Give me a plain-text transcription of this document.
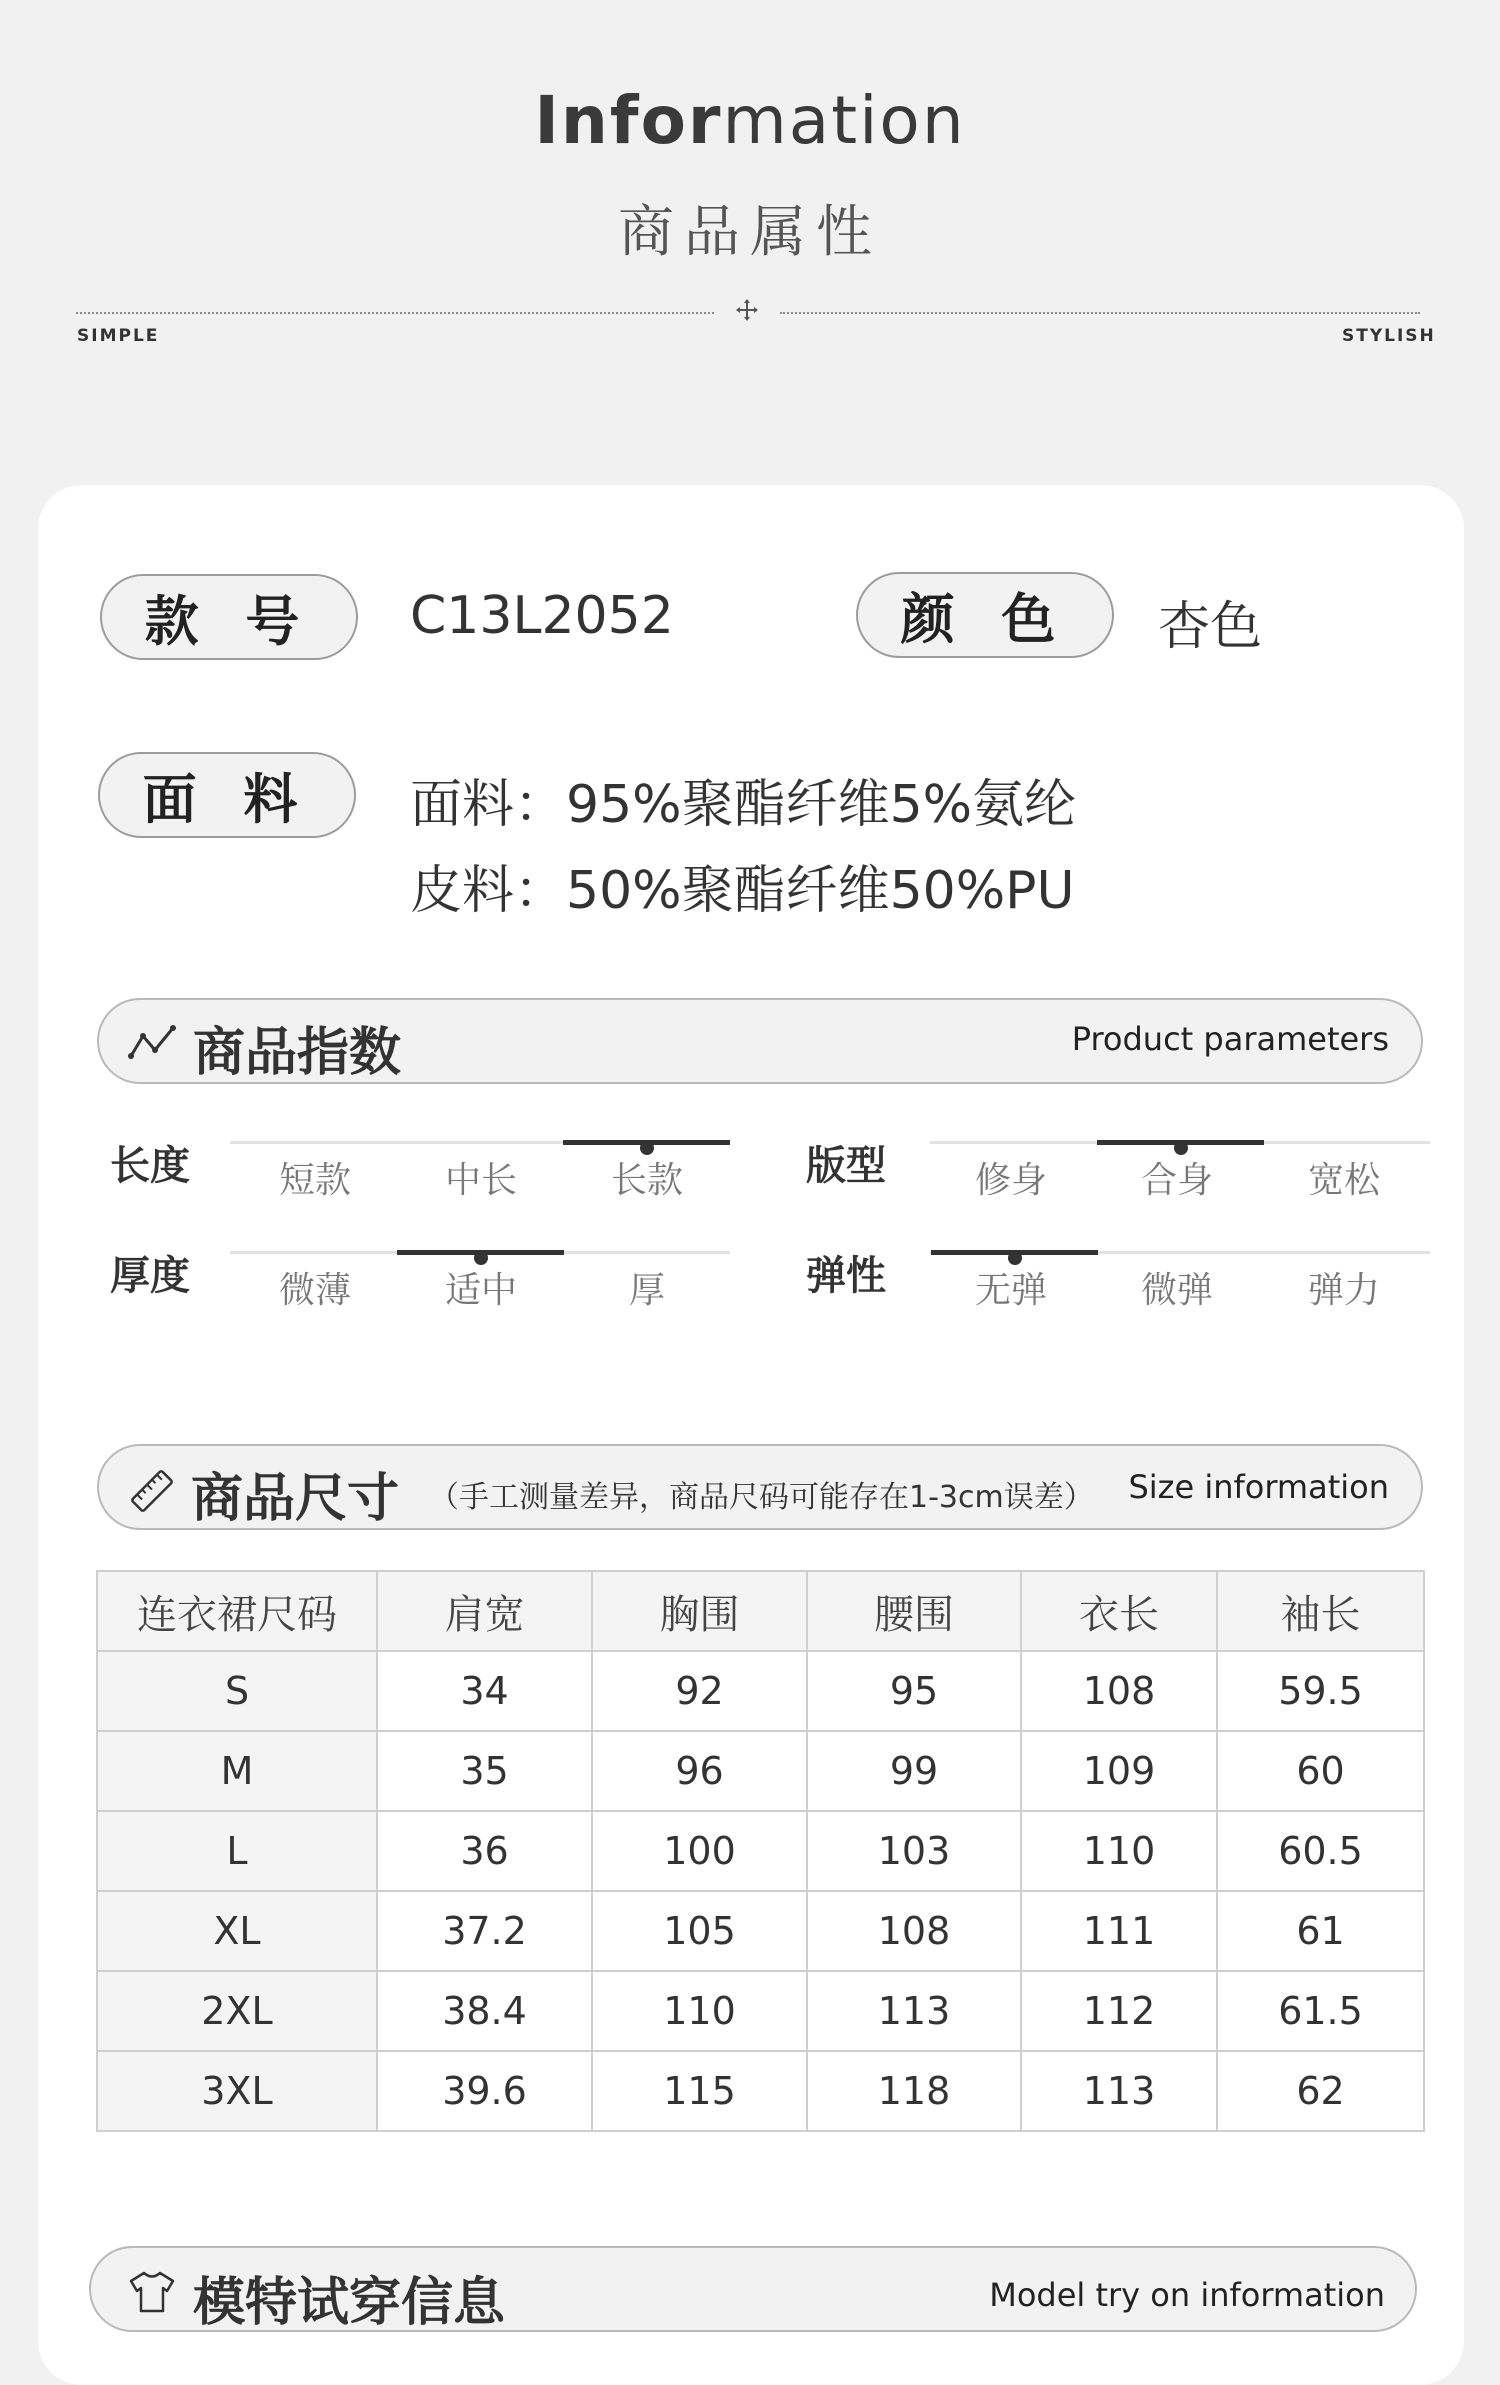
Information
商品属性
SIMPLE	STYLISH
款 号	C13L2052	颜 色	杏色
面 料	面料：95%聚酯纤维5%氨纶
皮料：50%聚酯纤维50%PU
商品指数	Product parameters
长度	短款	中长	长款	版型	修身	合身	宽松
厚度	微薄	适中	厚	弹性	无弹	微弹	弹力
商品尺寸 （手工测量差异，商品尺码可能存在1-3cm误差） Size information
连衣裙尺码	肩宽	胸围	腰围	衣长	袖长
S	34	92	95	108	59.5
M	35	96	99	109	60
L	36	100	103	110	60.5
XL	37.2	105	108	111	61
2XL	38.4	110	113	112	61.5
3XL	39.6	115	118	113	62
模特试穿信息	Model try on information
